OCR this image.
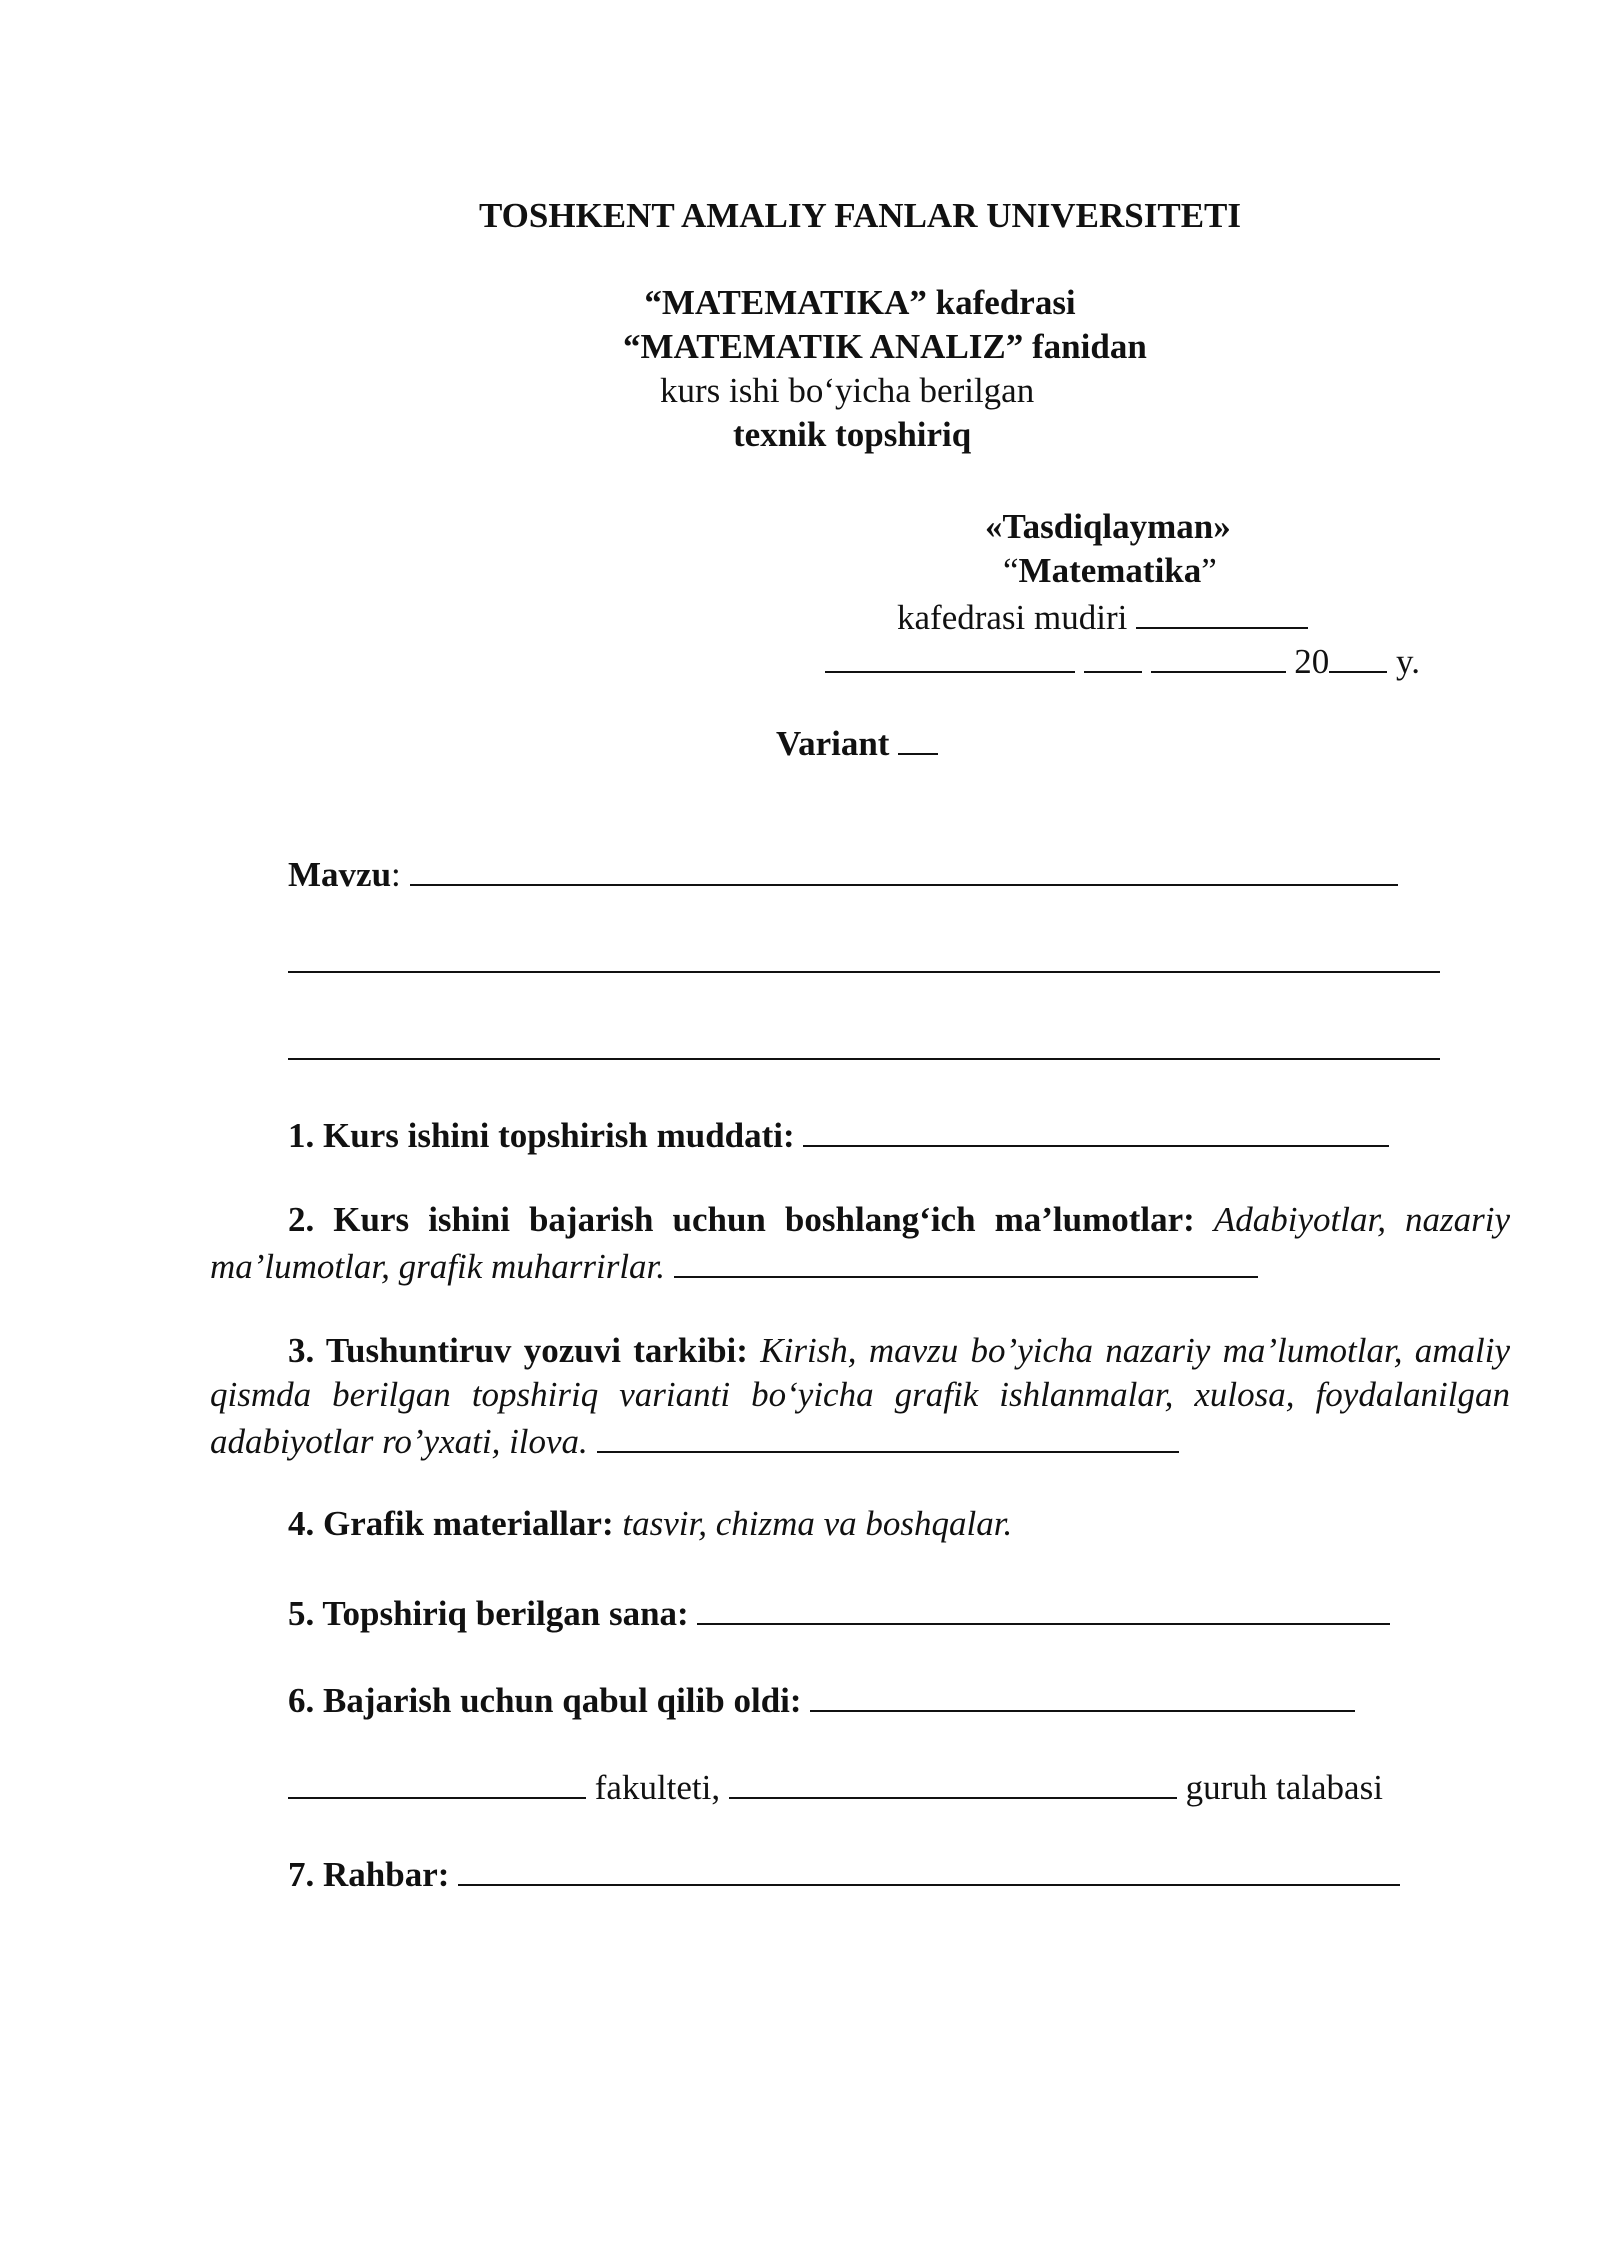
TOSHKENT AMALIY FANLAR UNIVERSITETI
“MATEMATIKA” kafedrasi
“MATEMATIK ANALIZ” fanidan
kurs ishi bo‘yicha berilgan
texnik topshiriq
«Tasdiqlayman»
“Matematika”
kafedrasi mudiri
20 y.
Variant
Mavzu:
1. Kurs ishini topshirish muddati:
2. Kurs ishini bajarish uchun boshlang‘ich ma’lumotlar: Adabiyotlar, nazariy ma’lumotlar, grafik muharrirlar.
3. Tushuntiruv yozuvi tarkibi: Kirish, mavzu bo’yicha nazariy ma’lumotlar, amaliy qismda berilgan topshiriq varianti bo‘yicha grafik ishlanmalar, xulosa, foydalanilgan adabiyotlar ro’yxati, ilova.
4. Grafik materiallar: tasvir, chizma va boshqalar.
5. Topshiriq berilgan sana:
6. Bajarish uchun qabul qilib oldi:
fakulteti,	guruh talabasi
7. Rahbar:
